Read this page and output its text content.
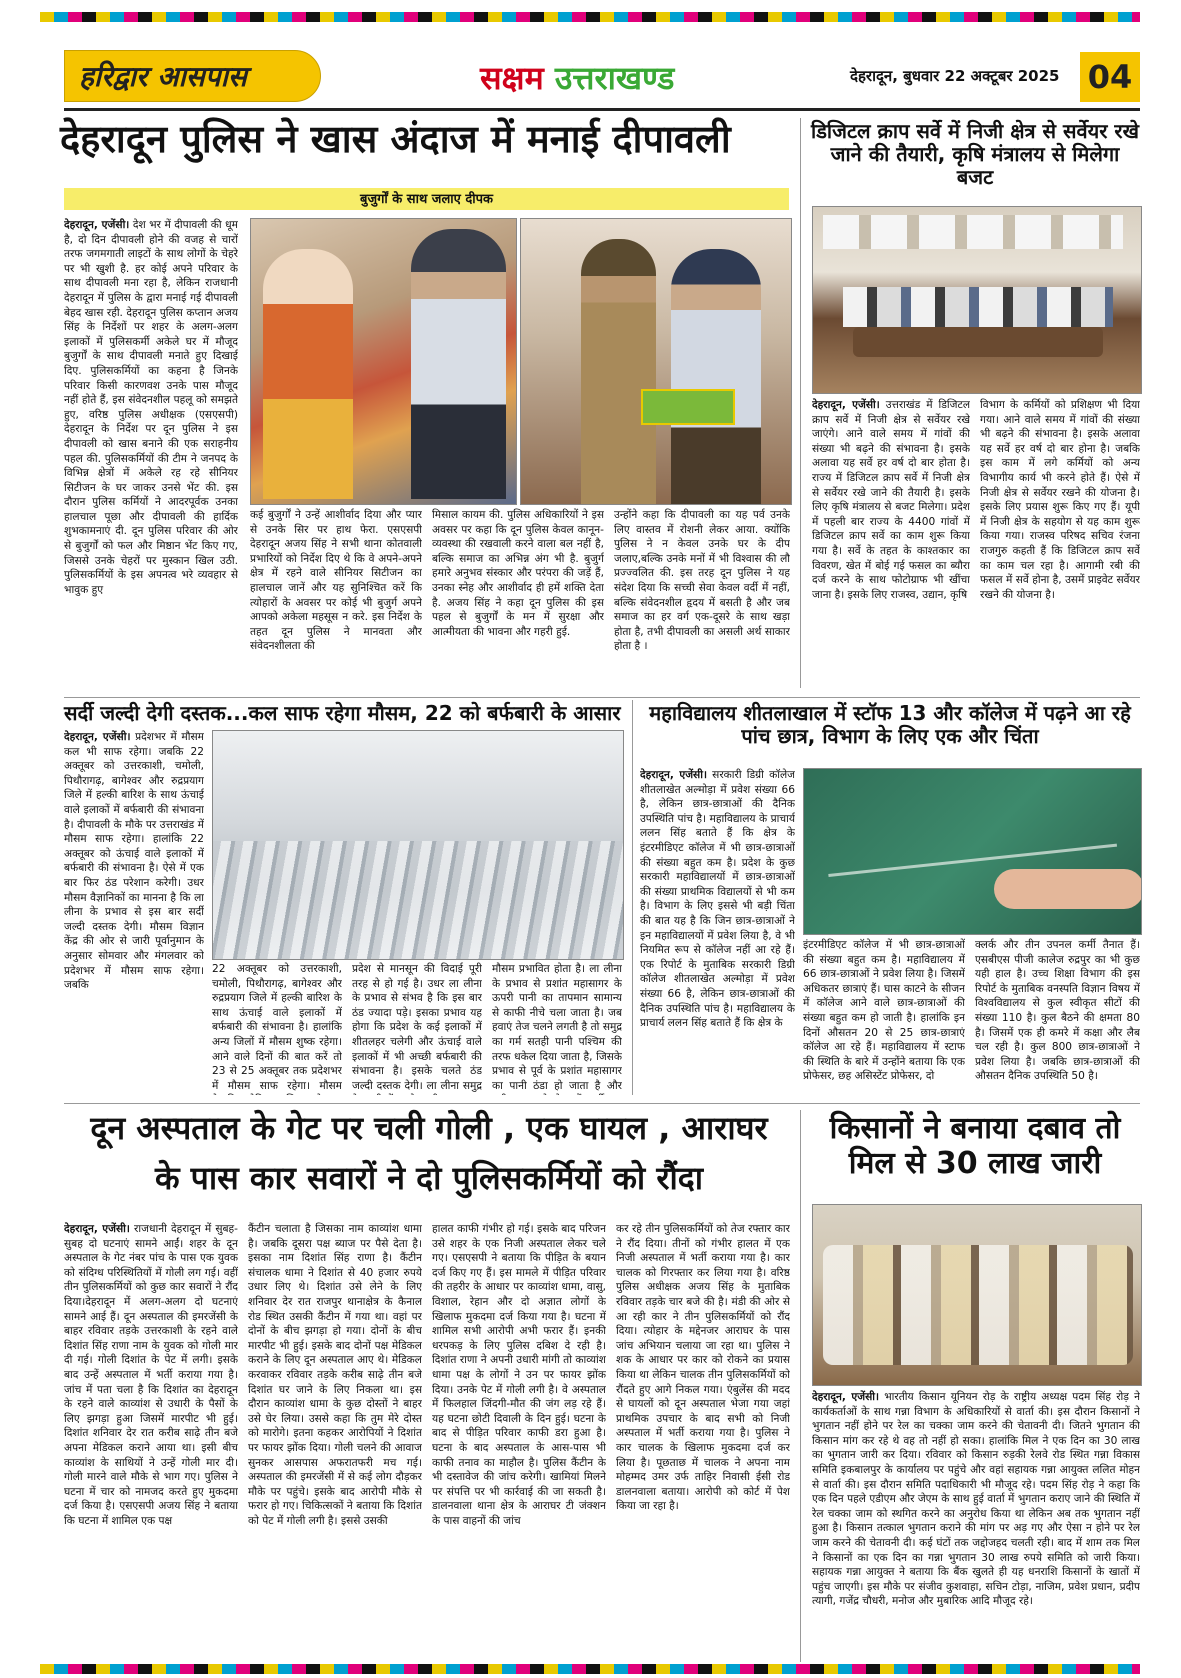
हरिद्वार आसपास	सक्षम उत्तराखण्ड	देहरादून, बुधवार 22 अक्टूबर 2025 04
देहरादून पुलिस ने खास अंदाज में मनाई दीपावली
बुजुर्गों के साथ जलाए दीपक
देहरादून, एजेंसी। देश भर में दीपावली की धूम है, दो दिन दीपावली होने की वजह से चारों तरफ जगमगाती लाइटों के साथ लोगों के चेहरे पर भी खुशी है. हर कोई अपने परिवार के साथ दीपावली मना रहा है, लेकिन राजधानी देहरादून में पुलिस के द्वारा मनाई गई दीपावली बेहद खास रही. देहरादून पुलिस कप्तान अजय सिंह के निर्देशों पर शहर के अलग-अलग इलाकों में पुलिसकर्मी अकेले घर में मौजूद बुजुर्गों के साथ दीपावली मनाते हुए दिखाई दिए. पुलिसकर्मियों का कहना है जिनके परिवार किसी कारणवश उनके पास मौजूद नहीं होते हैं, इस संवेदनशील पहलू को समझते हुए, वरिष्ठ पुलिस अधीक्षक (एसएसपी) देहरादून के निर्देश पर दून पुलिस ने इस दीपावली को खास बनाने की एक सराहनीय पहल की. पुलिसकर्मियों की टीम ने जनपद के विभिन्न क्षेत्रों में अकेले रह रहे सीनियर सिटीजन के घर जाकर उनसे भेंट की. इस दौरान पुलिस कर्मियों ने आदरपूर्वक उनका हालचाल पूछा और दीपावली की हार्दिक शुभकामनाएं दी. दून पुलिस परिवार की ओर से बुजुर्गों को फल और मिष्ठान भेंट किए गए, जिससे उनके चेहरों पर मुस्कान खिल उठी. पुलिसकर्मियों के इस अपनत्व भरे व्यवहार से भावुक हुए
कई बुजुर्गों ने उन्हें आशीर्वाद दिया और प्यार से उनके सिर पर हाथ फेरा. एसएसपी देहरादून अजय सिंह ने सभी थाना कोतवाली प्रभारियों को निर्देश दिए थे कि वे अपने-अपने क्षेत्र में रहने वाले सीनियर सिटीजन का हालचाल जानें और यह सुनिश्चित करें कि त्योहारों के अवसर पर कोई भी बुजुर्ग अपने आपको अकेला महसूस न करे. इस निर्देश के तहत दून पुलिस ने मानवता और संवेदनशीलता की
मिसाल कायम की. पुलिस अधिकारियों ने इस अवसर पर कहा कि दून पुलिस केवल कानून-व्यवस्था की रखवाली करने वाला बल नहीं है, बल्कि समाज का अभिन्न अंग भी है. बुजुर्ग हमारे अनुभव संस्कार और परंपरा की जड़ें हैं, उनका स्नेह और आशीर्वाद ही हमें शक्ति देता है. अजय सिंह ने कहा दून पुलिस की इस पहल से बुजुर्गों के मन में सुरक्षा और आत्मीयता की भावना और गहरी हुई.
उन्होंने कहा कि दीपावली का यह पर्व उनके लिए वास्तव में रोशनी लेकर आया. क्योंकि पुलिस ने न केवल उनके घर के दीप जलाए,बल्कि उनके मनों में भी विश्वास की लौ प्रज्ज्वलित की. इस तरह दून पुलिस ने यह संदेश दिया कि सच्ची सेवा केवल वर्दी में नहीं, बल्कि संवेदनशील हृदय में बसती है और जब समाज का हर वर्ग एक-दूसरे के साथ खड़ा होता है, तभी दीपावली का असली अर्थ साकार होता है ।
डिजिटल क्राप सर्वे में निजी क्षेत्र से सर्वेयर रखे जाने की तैयारी, कृषि मंत्रालय से मिलेगा बजट
देहरादून, एजेंसी। उत्तराखंड में डिजिटल क्राप सर्वे में निजी क्षेत्र से सर्वेयर रखे जाएंगे। आने वाले समय में गांवों की संख्या भी बढ़ने की संभावना है। इसके अलावा यह सर्वे हर वर्ष दो बार होता है। राज्य में डिजिटल क्राप सर्वे में निजी क्षेत्र से सर्वेयर रखे जाने की तैयारी है। इसके लिए कृषि मंत्रालय से बजट मिलेगा। प्रदेश में पहली बार राज्य के 4400 गांवों में डिजिटल क्राप सर्वे का काम शुरू किया गया है। सर्वे के तहत के काश्तकार का विवरण, खेत में बोई गई फसल का ब्यौरा दर्ज करने के साथ फोटोग्राफ भी खींचा जाना है। इसके लिए राजस्व, उद्यान, कृषि
विभाग के कर्मियों को प्रशिक्षण भी दिया गया। आने वाले समय में गांवों की संख्या भी बढ़ने की संभावना है। इसके अलावा यह सर्वे हर वर्ष दो बार होना है। जबकि इस काम में लगे कर्मियों को अन्य विभागीय कार्य भी करने होते हैं। ऐसे में निजी क्षेत्र से सर्वेयर रखने की योजना है। इसके लिए प्रयास शुरू किए गए हैं। यूपी में निजी क्षेत्र के सहयोग से यह काम शुरू किया गया। राजस्व परिषद सचिव रंजना राजगुरु कहती हैं कि डिजिटल क्राप सर्वे का काम चल रहा है। आगामी रबी की फसल में सर्वे होना है, उसमें प्राइवेट सर्वेयर रखने की योजना है।
सर्दी जल्दी देगी दस्तक...कल साफ रहेगा मौसम, 22 को बर्फबारी के आसार
देहरादून, एजेंसी। प्रदेशभर में मौसम कल भी साफ रहेगा। जबकि 22 अक्तूबर को उत्तरकाशी, चमोली, पिथौरागढ़, बागेश्वर और रुद्रप्रयाग जिले में हल्की बारिश के साथ ऊंचाई वाले इलाकों में बर्फबारी की संभावना है। दीपावली के मौके पर उत्तराखंड में मौसम साफ रहेगा। हालांकि 22 अक्तूबर को ऊंचाई वाले इलाकों में बर्फबारी की संभावना है। ऐसे में एक बार फिर ठंड परेशान करेगी। उधर मौसम वैज्ञानिकों का मानना है कि ला लीना के प्रभाव से इस बार सर्दी जल्दी दस्तक देगी। मौसम विज्ञान केंद्र की ओर से जारी पूर्वानुमान के अनुसार सोमवार और मंगलवार को प्रदेशभर में मौसम साफ रहेगा। जबकि
22 अक्तूबर को उत्तरकाशी, चमोली, पिथौरागढ़, बागेश्वर और रुद्रप्रयाग जिले में हल्की बारिश के साथ ऊंचाई वाले इलाकों में बर्फबारी की संभावना है। हालांकि अन्य जिलों में मौसम शुष्क रहेगा। आने वाले दिनों की बात करें तो 23 से 25 अक्तूबर तक प्रदेशभर में मौसम साफ रहेगा। मौसम
प्रदेश से मानसून की विदाई पूरी तरह से हो गई है। उधर ला लीना के प्रभाव से संभव है कि इस बार ठंड ज्यादा पड़े। इसका प्रभाव यह होगा कि प्रदेश के कई इलाकों में शीतलहर चलेगी और ऊंचाई वाले इलाकों में भी अच्छी बर्फबारी की संभावना है। इसके चलते ठंड जल्दी दस्तक देगी। ला लीना समुद्र
मौसम प्रभावित होता है। ला लीना के प्रभाव से प्रशांत महासागर के ऊपरी पानी का तापमान सामान्य से काफी नीचे चला जाता है। जब हवाएं तेज चलने लगती है तो समुद्र का गर्म सतही पानी पश्चिम की तरफ धकेल दिया जाता है, जिसके प्रभाव से पूर्व के प्रशांत महासागर का पानी ठंडा हो जाता है और
महाविद्यालय शीतलाखाल में स्टॉफ 13 और कॉलेज में पढ़ने आ रहे पांच छात्र, विभाग के लिए एक और चिंता
देहरादून, एजेंसी। सरकारी डिग्री कॉलेज शीतलाखेत अल्मोड़ा में प्रवेश संख्या 66 है, लेकिन छात्र-छात्राओं की दैनिक उपस्थिति पांच है। महाविद्यालय के प्राचार्य ललन सिंह बताते हैं कि क्षेत्र के इंटरमीडिएट कॉलेज में भी छात्र-छात्राओं की संख्या बहुत कम है। प्रदेश के कुछ सरकारी महाविद्यालयों में छात्र-छात्राओं की संख्या प्राथमिक विद्यालयों से भी कम है। विभाग के लिए इससे भी बड़ी चिंता की बात यह है कि जिन छात्र-छात्राओं ने इन महाविद्यालयों में प्रवेश लिया है, वे भी नियमित रूप से कॉलेज नहीं आ रहे हैं। एक रिपोर्ट के मुताबिक सरकारी डिग्री कॉलेज शीतलाखेत अल्मोड़ा में प्रवेश संख्या 66 है, लेकिन छात्र-छात्राओं की दैनिक उपस्थिति पांच है। महाविद्यालय के प्राचार्य ललन सिंह बताते हैं कि क्षेत्र के
इंटरमीडिएट कॉलेज में भी छात्र-छात्राओं की संख्या बहुत कम है। महाविद्यालय में 66 छात्र-छात्राओं ने प्रवेश लिया है। जिसमें अधिकतर छात्राएं हैं। घास काटने के सीजन में कॉलेज आने वाले छात्र-छात्राओं की संख्या बहुत कम हो जाती है। हालांकि इन दिनों औसतन 20 से 25 छात्र-छात्राएं कॉलेज आ रहे हैं। महाविद्यालय में स्टाफ की स्थिति के बारे में उन्होंने बताया कि एक प्रोफेसर, छह असिस्टेंट प्रोफेसर, दो
क्लर्क और तीन उपनल कर्मी तैनात हैं। एसबीएस पीजी कालेज रुद्रपुर का भी कुछ यही हाल है। उच्च शिक्षा विभाग की इस रिपोर्ट के मुताबिक वनस्पति विज्ञान विषय में विश्वविद्यालय से कुल स्वीकृत सीटों की संख्या 110 है। कुल बैठने की क्षमता 80 है। जिसमें एक ही कमरे में कक्षा और लैब चल रही है। कुल 800 छात्र-छात्राओं ने प्रवेश लिया है। जबकि छात्र-छात्राओं की औसतन दैनिक उपस्थिति 50 है।
दून अस्पताल के गेट पर चली गोली , एक घायल , आराघर
के पास कार सवारों ने दो पुलिसकर्मियों को रौंदा
देहरादून, एजेंसी। राजधानी देहरादून में सुबह-सुबह दो घटनाएं सामने आईं। शहर के दून अस्पताल के गेट नंबर पांच के पास एक युवक को संदिग्ध परिस्थितियों में गोली लग गई। वहीं तीन पुलिसकर्मियों को कुछ कार सवारों ने रौंद दिया।देहरादून में अलग-अलग दो घटनाएं सामने आई हैं। दून अस्पताल की इमरजेंसी के बाहर रविवार तड़के उत्तरकाशी के रहने वाले दिशांत सिंह राणा नाम के युवक को गोली मार दी गई। गोली दिशांत के पेट में लगी। इसके बाद उन्हें अस्पताल में भर्ती कराया गया है। जांच में पता चला है कि दिशांत का देहरादून के रहने वाले काव्यांश से उधारी के पैसों के लिए झगड़ा हुआ जिसमें मारपीट भी हुई। दिशांत शनिवार देर रात करीब साढ़े तीन बजे अपना मेडिकल कराने आया था। इसी बीच काव्यांश के साथियों ने उन्हें गोली मार दी। गोली मारने वाले मौके से भाग गए। पुलिस ने घटना में चार को नामजद करते हुए मुकदमा दर्ज किया है। एसएसपी अजय सिंह ने बताया कि घटना में शामिल एक पक्ष
कैंटीन चलाता है जिसका नाम काव्यांश धामा है। जबकि दूसरा पक्ष ब्याज पर पैसे देता है। इसका नाम दिशांत सिंह राणा है। कैंटीन संचालक धामा ने दिशांत से 40 हजार रुपये उधार लिए थे। दिशांत उसे लेने के लिए शनिवार देर रात राजपुर थानाक्षेत्र के कैनाल रोड स्थित उसकी कैंटीन में गया था। वहां पर दोनों के बीच झगड़ा हो गया। दोनों के बीच मारपीट भी हुई। इसके बाद दोनों पक्ष मेडिकल कराने के लिए दून अस्पताल आए थे। मेडिकल करवाकर रविवार तड़के करीब साढ़े तीन बजे दिशांत घर जाने के लिए निकला था। इस दौरान काव्यांश धामा के कुछ दोस्तों ने बाहर उसे घेर लिया। उससे कहा कि तुम मेरे दोस्त को मारोगे। इतना कहकर आरोपियों ने दिशांत पर फायर झोंक दिया। गोली चलने की आवाज सुनकर आसपास अफरातफरी मच गई। अस्पताल की इमरजेंसी में से कई लोग दौड़कर मौके पर पहुंचे। इसके बाद आरोपी मौके से फरार हो गए। चिकित्सकों ने बताया कि दिशांत को पेट में गोली लगी है। इससे उसकी
हालत काफी गंभीर हो गई। इसके बाद परिजन उसे शहर के एक निजी अस्पताल लेकर चले गए। एसएसपी ने बताया कि पीड़ित के बयान दर्ज किए गए हैं। इस मामले में पीड़ित परिवार की तहरीर के आधार पर काव्यांश धामा, वासु, विशाल, रेहान और दो अज्ञात लोगों के खिलाफ मुकदमा दर्ज किया गया है। घटना में शामिल सभी आरोपी अभी फरार हैं। इनकी धरपकड़ के लिए पुलिस दबिश दे रही है। दिशांत राणा ने अपनी उधारी मांगी तो काव्यांश धामा पक्ष के लोगों ने उन पर फायर झोंक दिया। उनके पेट में गोली लगी है। वे अस्पताल में फिलहाल जिंदगी-मौत की जंग लड़ रहे हैं। यह घटना छोटी दिवाली के दिन हुई। घटना के बाद से पीड़ित परिवार काफी डरा हुआ है। घटना के बाद अस्पताल के आस-पास भी काफी तनाव का माहौल है। पुलिस कैंटीन के भी दस्तावेज की जांच करेगी। खामियां मिलने पर संपत्ति पर भी कार्रवाई की जा सकती है। डालनवाला थाना क्षेत्र के आराघर टी जंक्शन के पास वाहनों की जांच
कर रहे तीन पुलिसकर्मियों को तेज रफ्तार कार ने रौंद दिया। तीनों को गंभीर हालत में एक निजी अस्पताल में भर्ती कराया गया है। कार चालक को गिरफ्तार कर लिया गया है। वरिष्ठ पुलिस अधीक्षक अजय सिंह के मुताबिक रविवार तड़के चार बजे की है। मंडी की ओर से आ रही कार ने तीन पुलिसकर्मियों को रौंद दिया। त्योहार के मद्देनजर आराघर के पास जांच अभियान चलाया जा रहा था। पुलिस ने शक के आधार पर कार को रोकने का प्रयास किया था लेकिन चालक तीन पुलिसकर्मियों को रौंदते हुए आगे निकल गया। एंबुलेंस की मदद से घायलों को दून अस्पताल भेजा गया जहां प्राथमिक उपचार के बाद सभी को निजी अस्पताल में भर्ती कराया गया है। पुलिस ने कार चालक के खिलाफ मुकदमा दर्ज कर लिया है। पूछताछ में चालक ने अपना नाम मोहम्मद उमर उर्फ ताहिर निवासी ईसी रोड डालनवाला बताया। आरोपी को कोर्ट में पेश किया जा रहा है।
किसानों ने बनाया दबाव तो मिल से 30 लाख जारी
देहरादून, एजेंसी। भारतीय किसान यूनियन रोड़ के राष्ट्रीय अध्यक्ष पदम सिंह रोड़ ने कार्यकर्ताओं के साथ गन्ना विभाग के अधिकारियों से वार्ता की। इस दौरान किसानों ने भुगतान नहीं होने पर रेल का चक्का जाम करने की चेतावनी दी। जितने भुगतान की किसान मांग कर रहे थे वह तो नहीं हो सका। हालांकि मिल ने एक दिन का 30 लाख का भुगतान जारी कर दिया। रविवार को किसान रुड़की रेलवे रोड स्थित गन्ना विकास समिति इकबालपुर के कार्यालय पर पहुंचे और वहां सहायक गन्ना आयुक्त ललित मोहन से वार्ता की। इस दौरान समिति पदाधिकारी भी मौजूद रहे। पदम सिंह रोड़ ने कहा कि एक दिन पहले एडीएम और जेएम के साथ हुई वार्ता में भुगतान कराए जाने की स्थिति में रेल चक्का जाम को स्थगित करने का अनुरोध किया था लेकिन अब तक भुगतान नहीं हुआ है। किसान तत्काल भुगतान कराने की मांग पर अड़ गए और ऐसा न होने पर रेल जाम करने की चेतावनी दी। कई घंटों तक जद्दोजहद चलती रही। बाद में शाम तक मिल ने किसानों का एक दिन का गन्ना भुगतान 30 लाख रुपये समिति को जारी किया। सहायक गन्ना आयुक्त ने बताया कि बैंक खुलते ही यह धनराशि किसानों के खातों में पहुंच जाएगी। इस मौके पर संजीव कुशवाहा, सचिन टोड़ा, नाजिम, प्रवेश प्रधान, प्रदीप त्यागी, गजेंद्र चौधरी, मनोज और मुबारिक आदि मौजूद रहे।
